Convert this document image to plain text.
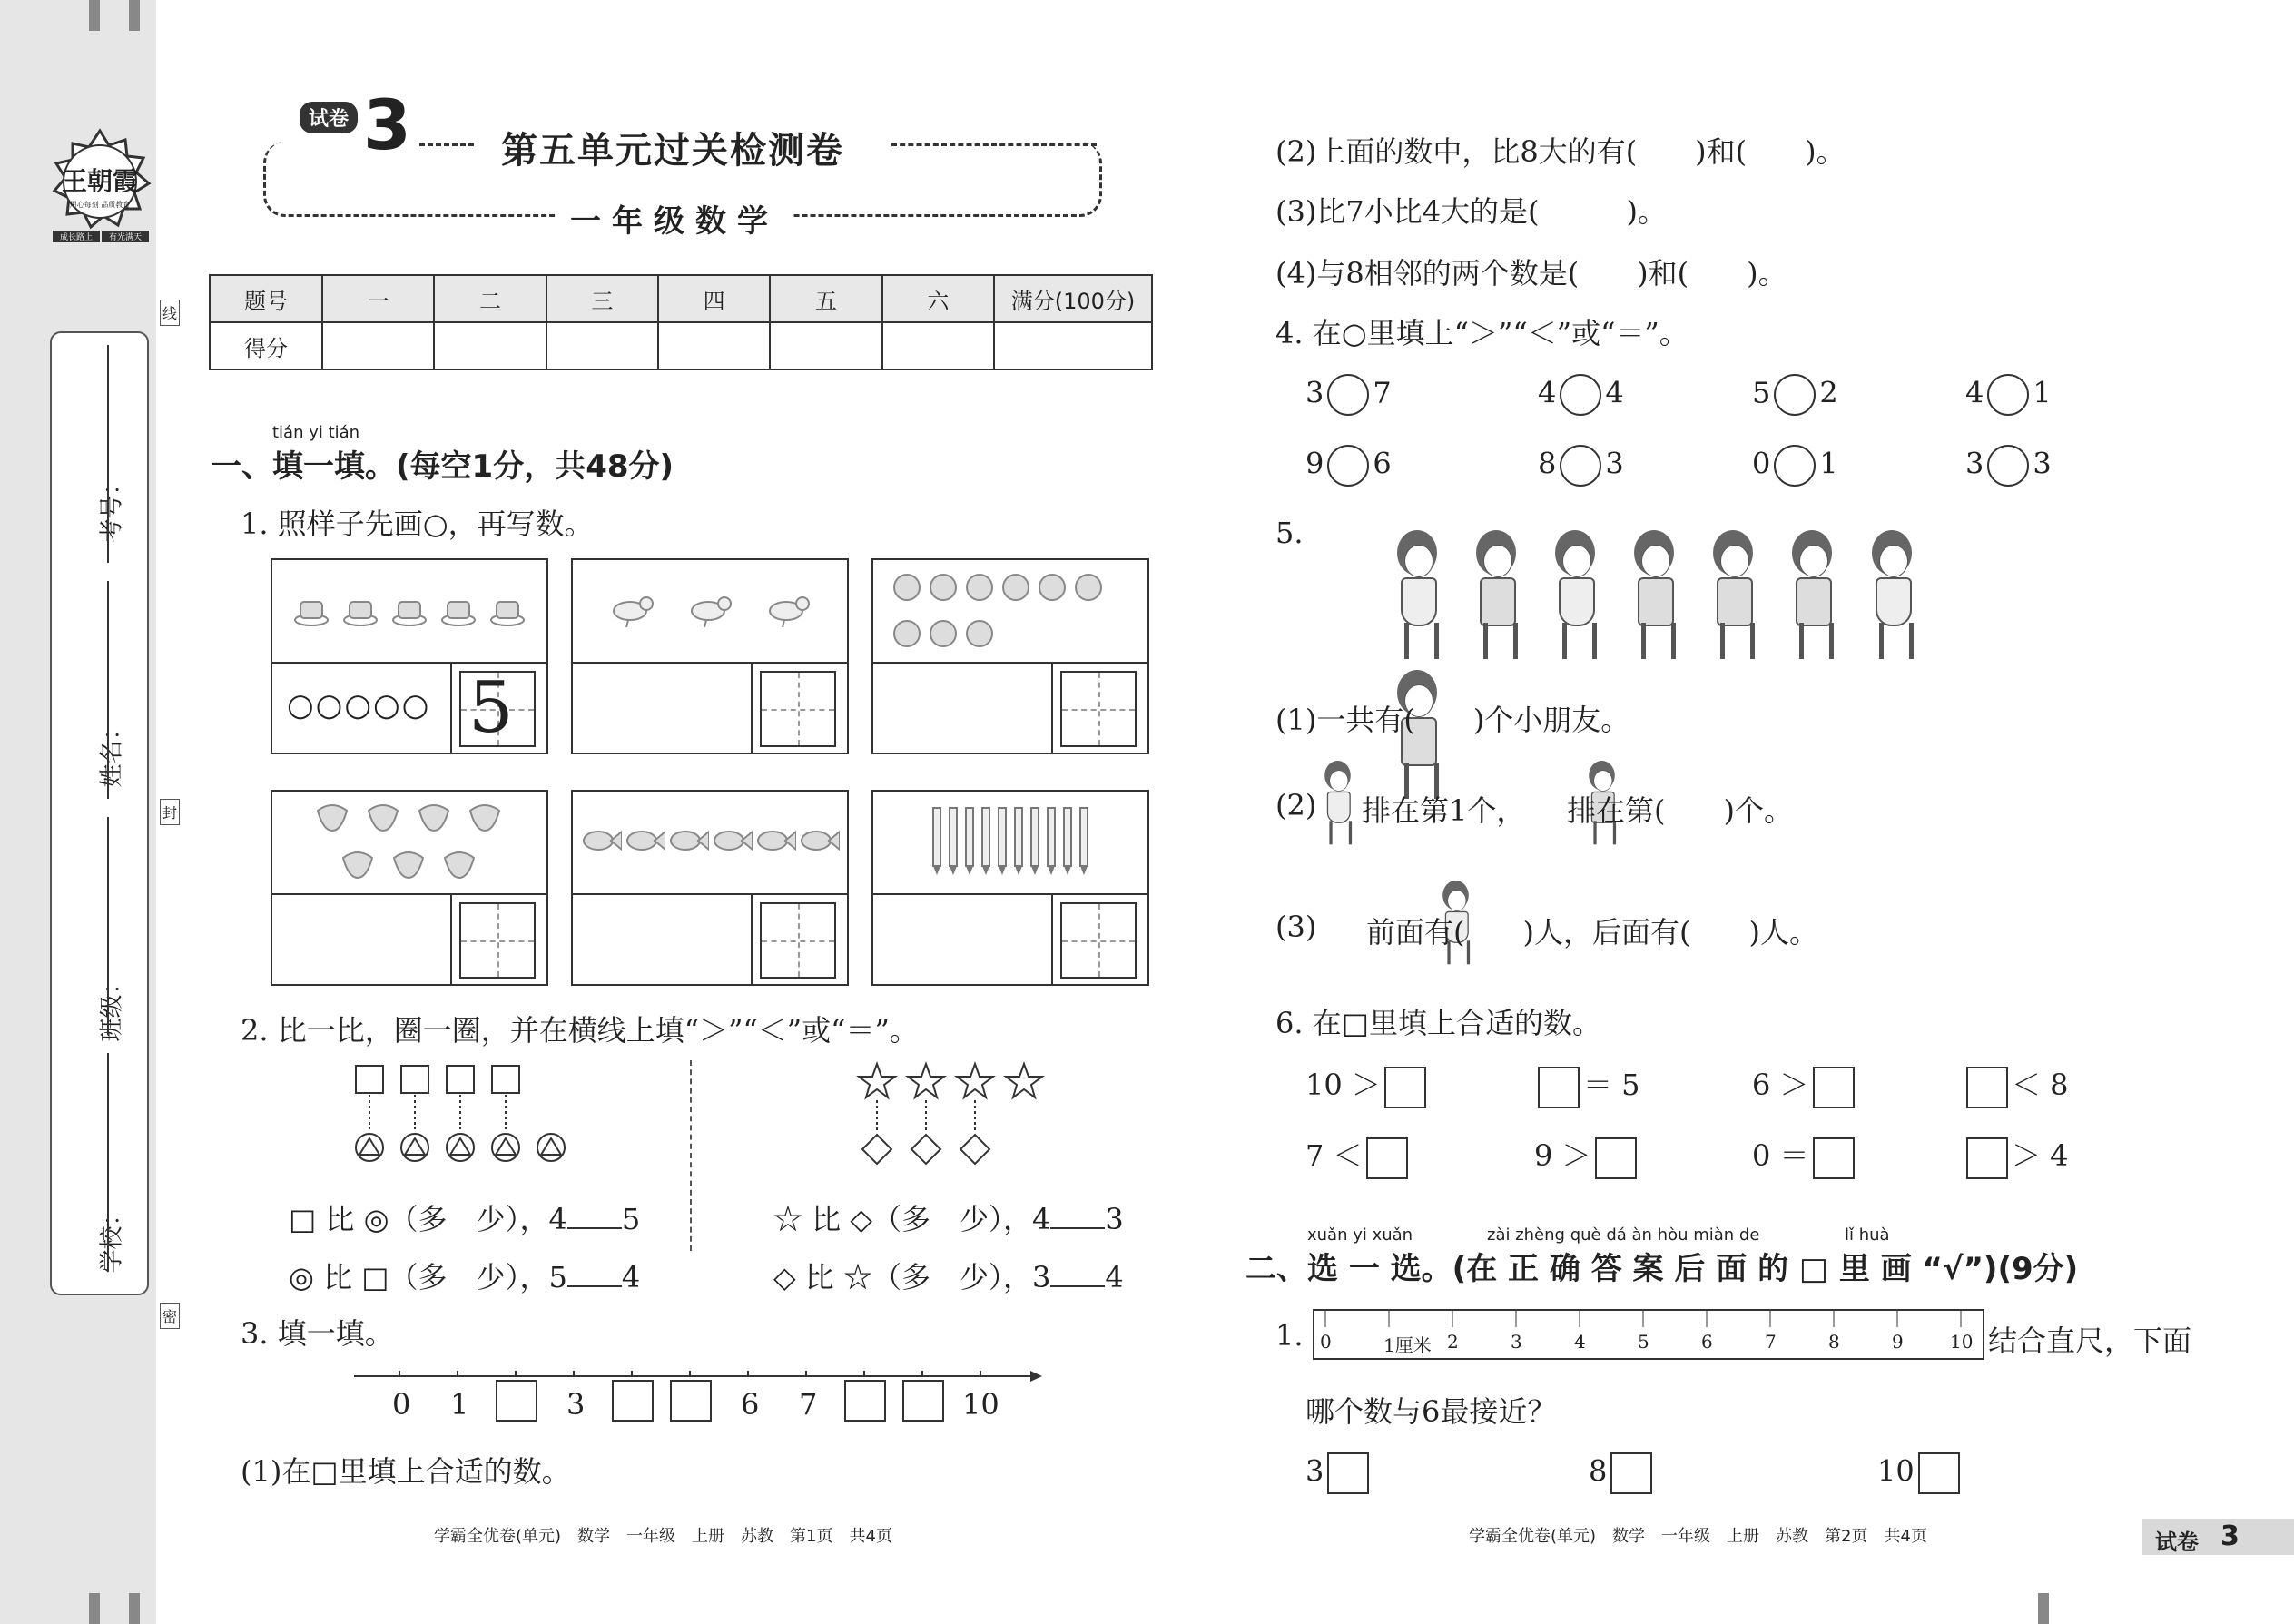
王朝霞
用心每刻 品质教育
成长路上	有光满天
考号：
姓名：
班级：
学校：
线
封
密
试卷 3 第五单元过关检测卷
一年级数学
题号	一	二	三	四	五	六	满分(100分)
得分							
tián yi tián
一、填一填。(每空1分，共48分)
1. 照样子先画○，再写数。
○○○○○ 5
2. 比一比，圈一圈，并在横线上填“＞”“＜”或“＝”。
□ 比 ◎（多　少），4 5
◎ 比 □（多　少），5 4
☆ 比 ◇（多　少），4 3
◇ 比 ☆（多　少），3 4
3. 填一填。
0 1	3	6 7	10
(1)在□里填上合适的数。
学霸全优卷(单元)　数学　一年级　上册　苏教　第1页　共4页
(2)上面的数中，比8大的有(　　)和(　　)。
(3)比7小比4大的是(　　　)。
(4)与8相邻的两个数是(　　)和(　　)。
4. 在○里填上“＞”“＜”或“＝”。
3 7	4 4	5 2	4 1
9 6	8 3	0 1	3 3
5.

(1)一共有(　　)个小朋友。
(2)
排在第1个，
排在第(　　)个。
(3) 前面有(　　)人，后面有(　　)人。
6. 在□里填上合适的数。
10 ＞	＝ 5	6 ＞	＜ 8
7 ＜	9 ＞	0 ＝	＞ 4
xuǎn yi xuǎn	zài zhèng què dá àn hòu miàn de	lǐ huà
二、选 一 选。(在 正 确 答 案 后 面 的 □ 里 画 “√”)(9分)
1. 0	1厘米 2	3	4	5	6	7	8	9	10 结合直尺，下面
哪个数与6最接近？
3	8	10
学霸全优卷(单元)　数学　一年级　上册　苏教　第2页　共4页	试卷 3
